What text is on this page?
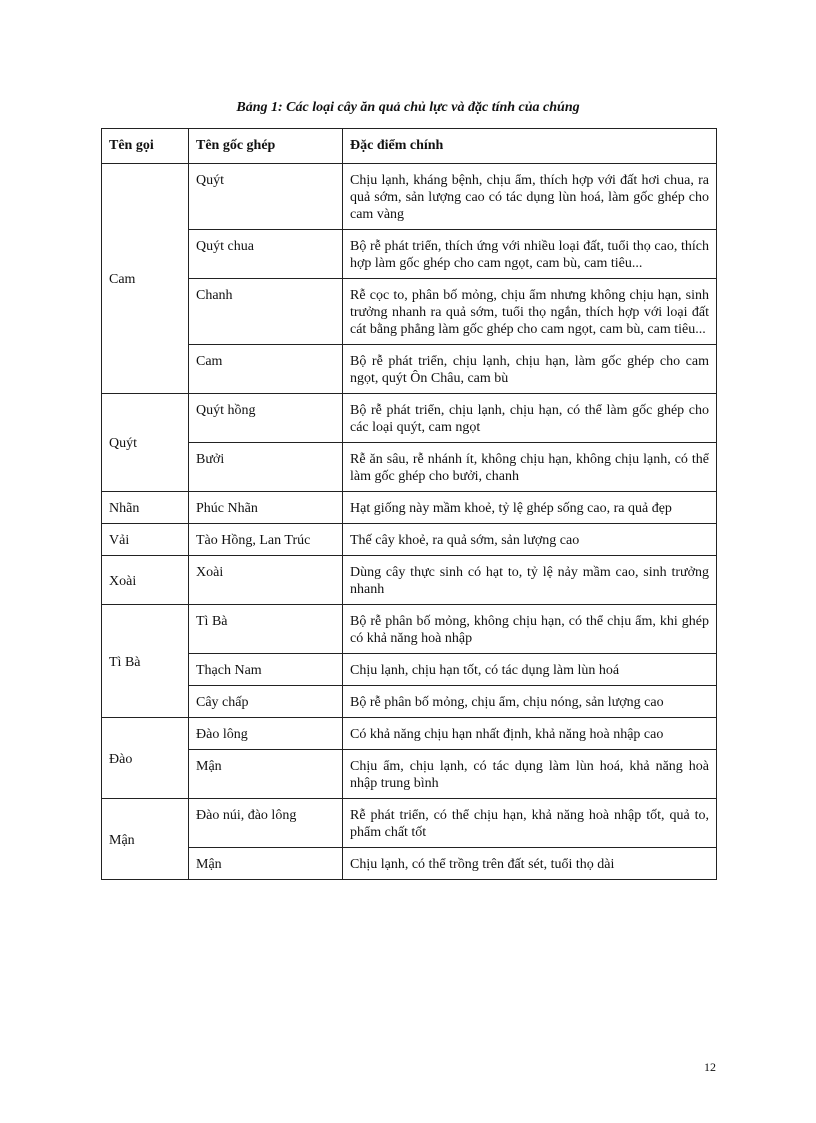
Bảng 1: Các loại cây ăn quả chủ lực và đặc tính của chúng
Tên gọi	Tên gốc ghép	Đặc điểm chính
Cam	Quýt	Chịu lạnh, kháng bệnh, chịu ẩm, thích hợp với đất hơi chua, ra quả sớm, sản lượng cao có tác dụng lùn hoá, làm gốc ghép cho cam vàng
	Quýt chua	Bộ rễ phát triển, thích ứng với nhiều loại đất, tuổi thọ cao, thích hợp làm gốc ghép cho cam ngọt, cam bù, cam tiêu...
	Chanh	Rễ cọc to, phân bố mỏng, chịu ẩm nhưng không chịu hạn, sinh trưởng nhanh ra quả sớm, tuổi thọ ngắn, thích hợp với loại đất cát bằng phẳng làm gốc ghép cho cam ngọt, cam bù, cam tiêu...
	Cam	Bộ rễ phát triển, chịu lạnh, chịu hạn, làm gốc ghép cho cam ngọt, quýt Ôn Châu, cam bù
Quýt	Quýt hồng	Bộ rễ phát triển, chịu lạnh, chịu hạn, có thể làm gốc ghép cho các loại quýt, cam ngọt
	Bưởi	Rễ ăn sâu, rễ nhánh ít, không chịu hạn, không chịu lạnh, có thể làm gốc ghép cho bưởi, chanh
Nhãn	Phúc Nhãn	Hạt giống này mầm khoẻ, tỷ lệ ghép sống cao, ra quả đẹp
Vải	Tào Hồng, Lan Trúc	Thế cây khoẻ, ra quả sớm, sản lượng cao
Xoài	Xoài	Dùng cây thực sinh có hạt to, tỷ lệ nảy mầm cao, sinh trưởng nhanh
Tì Bà	Tì Bà	Bộ rễ phân bố mỏng, không chịu hạn, có thể chịu ẩm, khi ghép có khả năng hoà nhập
	Thạch Nam	Chịu lạnh, chịu hạn tốt, có tác dụng làm lùn hoá
	Cây chấp	Bộ rễ phân bố mỏng, chịu ẩm, chịu nóng, sản lượng cao
Đào	Đào lông	Có khả năng chịu hạn nhất định, khả năng hoà nhập cao
	Mận	Chịu ẩm, chịu lạnh, có tác dụng làm lùn hoá, khả năng hoà nhập trung bình
Mận	Đào núi, đào lông	Rễ phát triển, có thể chịu hạn, khả năng hoà nhập tốt, quả to, phẩm chất tốt
	Mận	Chịu lạnh, có thể trồng trên đất sét, tuổi thọ dài
12
